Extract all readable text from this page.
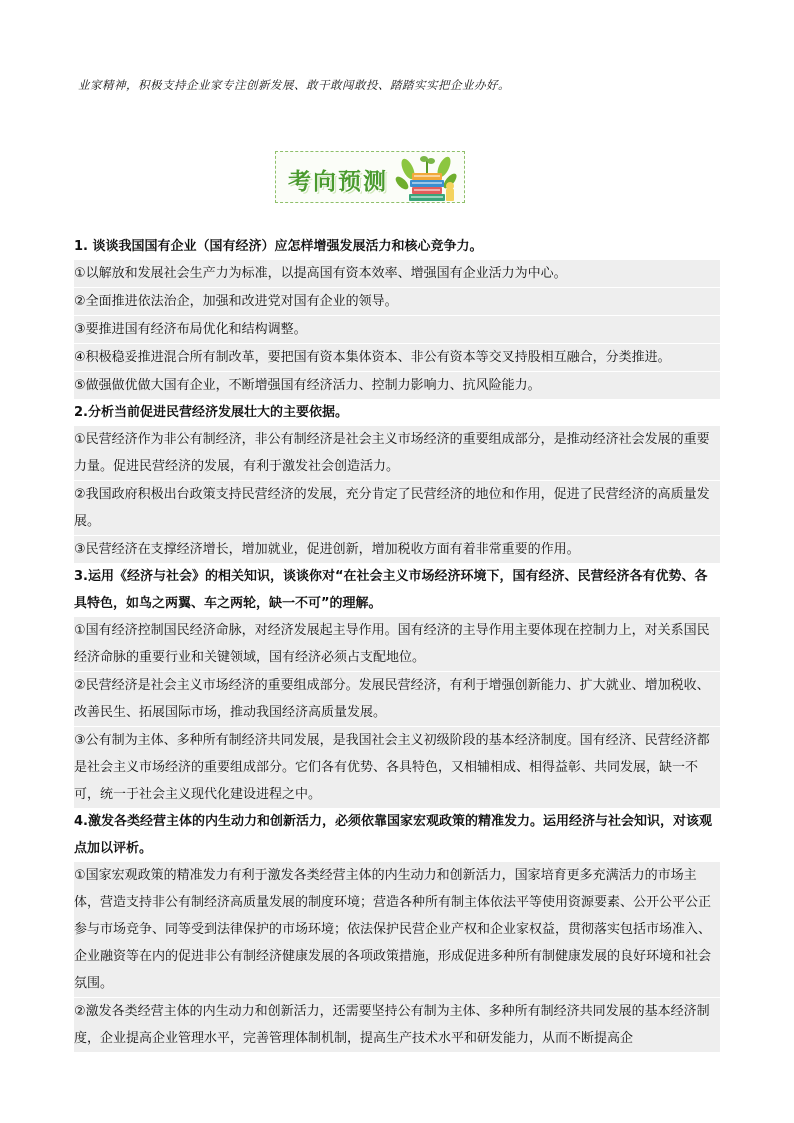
业家精神，积极支持企业家专注创新发展、敢干敢闯敢投、踏踏实实把企业办好。
考向预测
1. 谈谈我国国有企业（国有经济）应怎样增强发展活力和核心竞争力。
①以解放和发展社会生产力为标准，以提高国有资本效率、增强国有企业活力为中心。
②全面推进依法治企，加强和改进党对国有企业的领导。
③要推进国有经济布局优化和结构调整。
④积极稳妥推进混合所有制改革，要把国有资本集体资本、非公有资本等交叉持股相互融合，分类推进。
⑤做强做优做大国有企业，不断增强国有经济活力、控制力影响力、抗风险能力。
2.分析当前促进民营经济发展壮大的主要依据。
①民营经济作为非公有制经济，非公有制经济是社会主义市场经济的重要组成部分，是推动经济社会发展的重要力量。促进民营经济的发展，有利于激发社会创造活力。
②我国政府积极出台政策支持民营经济的发展，充分肯定了民营经济的地位和作用，促进了民营经济的高质量发展。
③民营经济在支撑经济增长，增加就业，促进创新，增加税收方面有着非常重要的作用。
3.运用《经济与社会》的相关知识，谈谈你对“在社会主义市场经济环境下，国有经济、民营经济各有优势、各具特色，如鸟之两翼、车之两轮，缺一不可”的理解。
①国有经济控制国民经济命脉，对经济发展起主导作用。国有经济的主导作用主要体现在控制力上，对关系国民经济命脉的重要行业和关键领域，国有经济必须占支配地位。
②民营经济是社会主义市场经济的重要组成部分。发展民营经济，有利于增强创新能力、扩大就业、增加税收、改善民生、拓展国际市场，推动我国经济高质量发展。
③公有制为主体、多种所有制经济共同发展，是我国社会主义初级阶段的基本经济制度。国有经济、民营经济都是社会主义市场经济的重要组成部分。它们各有优势、各具特色，又相辅相成、相得益彰、共同发展，缺一不可，统一于社会主义现代化建设进程之中。
4.激发各类经营主体的内生动力和创新活力，必须依靠国家宏观政策的精准发力。运用经济与社会知识，对该观点加以评析。
①国家宏观政策的精准发力有利于激发各类经营主体的内生动力和创新活力，国家培育更多充满活力的市场主体，营造支持非公有制经济高质量发展的制度环境；营造各种所有制主体依法平等使用资源要素、公开公平公正参与市场竞争、同等受到法律保护的市场环境；依法保护民营企业产权和企业家权益，贯彻落实包括市场准入、企业融资等在内的促进非公有制经济健康发展的各项政策措施，形成促进多种所有制健康发展的良好环境和社会氛围。
②激发各类经营主体的内生动力和创新活力，还需要坚持公有制为主体、多种所有制经济共同发展的基本经济制度，企业提高企业管理水平，完善管理体制机制，提高生产技术水平和研发能力，从而不断提高企
